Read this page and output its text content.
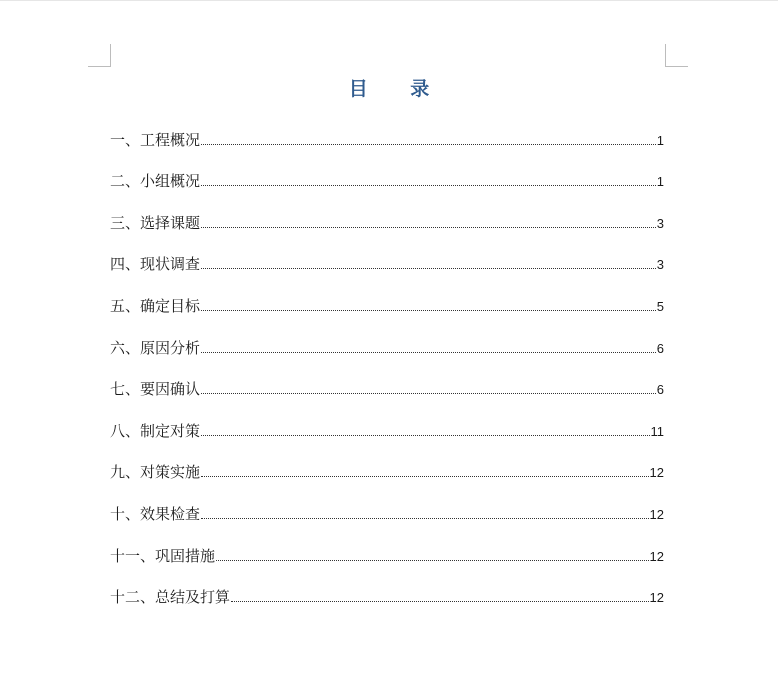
目 录
一、工程概况	1
二、小组概况	1
三、选择课题	3
四、现状调查	3
五、确定目标	5
六、原因分析	6
七、要因确认	6
八、制定对策	11
九、对策实施	12
十、效果检查	12
十一、巩固措施	12
十二、总结及打算	12
